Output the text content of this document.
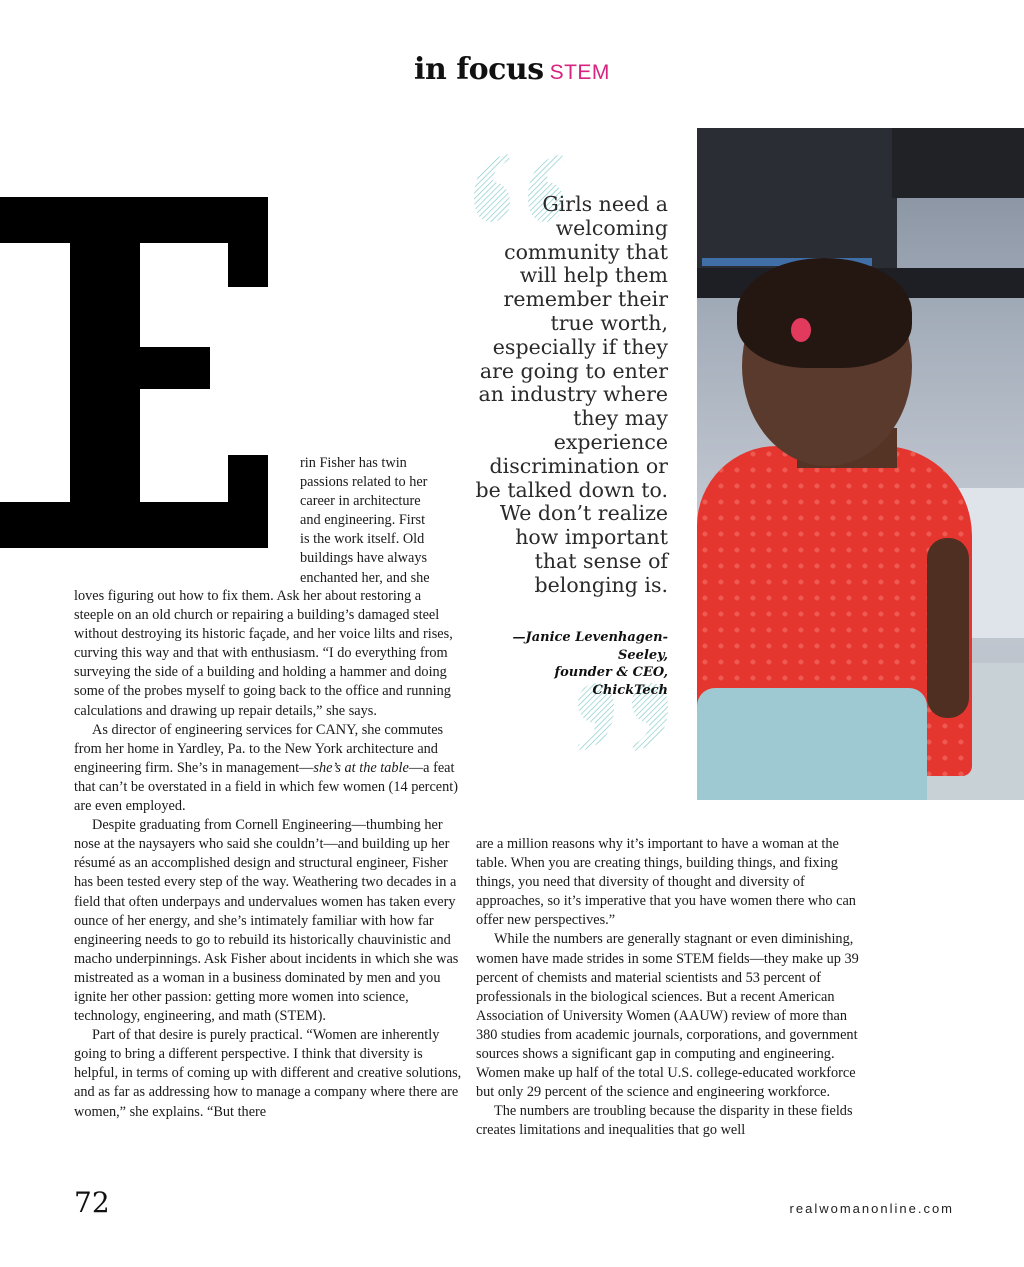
in focus STEM
Girls need a welcoming community that will help them remember their true worth, especially if they are going to enter an industry where they may experience discrimination or be talked down to. We don’t realize how important that sense of belonging is.
—Janice Levenhagen-
Seeley,
founder & CEO,
ChickTech
rin Fisher has twin
passions related to her
career in architecture
and engineering. First
is the work itself. Old
buildings have always
enchanted her, and she

loves figuring out how to fix them. Ask her about restoring a steeple on an old church or repairing a building’s damaged steel without destroying its historic façade, and her voice lilts and rises, curving this way and that with enthusiasm. “I do everything from surveying the side of a building and holding a hammer and doing some of the probes myself to going back to the office and running calculations and drawing up repair details,” she says.

As director of engineering services for CANY, she commutes from her home in Yardley, Pa. to the New York architecture and engineering firm. She’s in management—she’s at the table—a feat that can’t be overstated in a field in which few women (14 percent) are even employed.

Despite graduating from Cornell Engineering—thumbing her nose at the naysayers who said she couldn’t—and building up her résumé as an accomplished design and structural engineer, Fisher has been tested every step of the way. Weathering two decades in a field that often underpays and undervalues women has taken every ounce of her energy, and she’s intimately familiar with how far engineering needs to go to rebuild its historically chauvinistic and macho underpinnings. Ask Fisher about incidents in which she was mistreated as a woman in a business dominated by men and you ignite her other passion: getting more women into science, technology, engineering, and math (STEM).

Part of that desire is purely practical. “Women are inherently going to bring a different perspective. I think that diversity is helpful, in terms of coming up with different and creative solutions, and as far as addressing how to manage a company where there are women,” she explains. “But there

are a million reasons why it’s important to have a woman at the table. When you are creating things, building things, and fixing things, you need that diversity of thought and diversity of approaches, so it’s imperative that you have women there who can offer new perspectives.”

While the numbers are generally stagnant or even diminishing, women have made strides in some STEM fields—they make up 39 percent of chemists and material scientists and 53 percent of professionals in the biological sciences. But a recent American Association of University Women (AAUW) review of more than 380 studies from academic journals, corporations, and government sources shows a significant gap in computing and engineering. Women make up half of the total U.S. college-educated workforce but only 29 percent of the science and engineering workforce.

The numbers are troubling because the disparity in these fields creates limitations and inequalities that go well

72	realwomanonline.com
